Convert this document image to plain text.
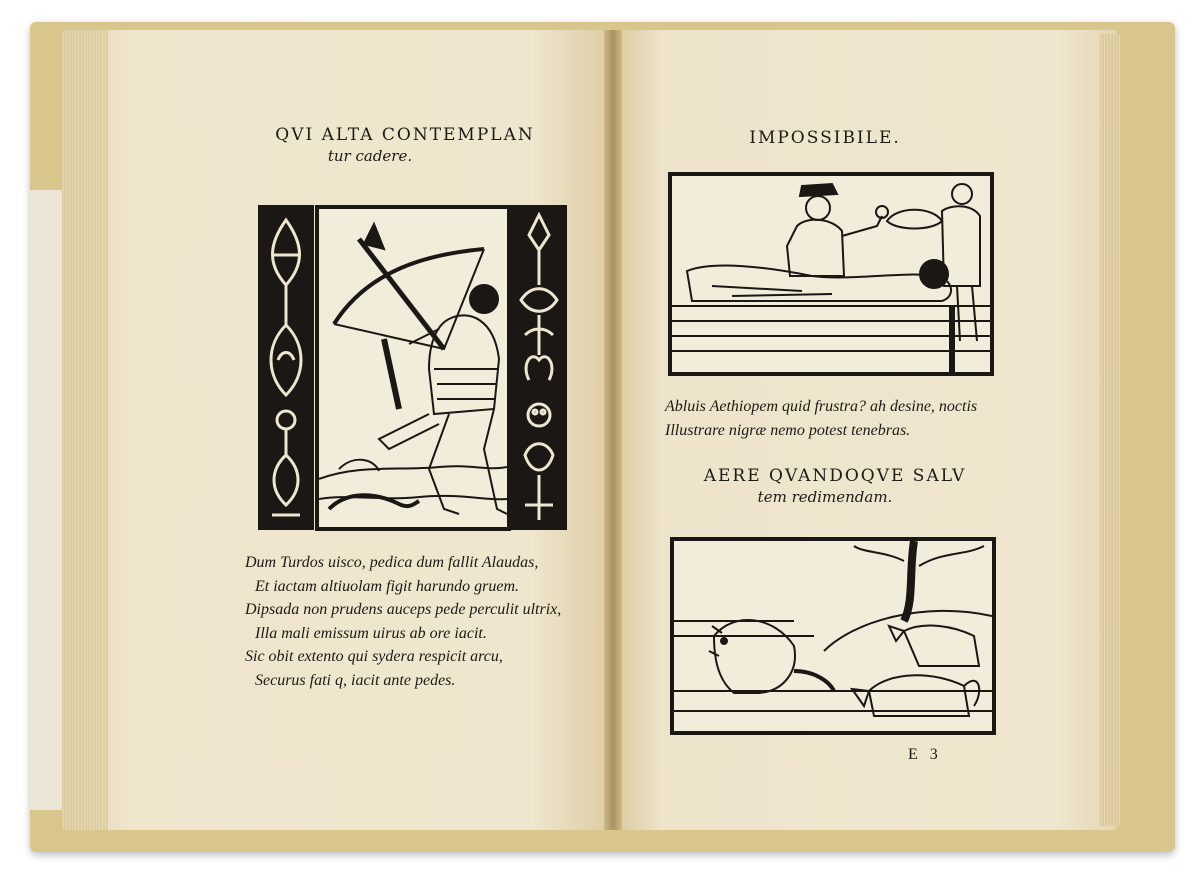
QVI ALTA CONTEMPLAN
tur cadere.
Dum Turdos uisco, pedica dum fallit Alaudas,
Et iactam altiuolam figit harundo gruem.
Dipsada non prudens auceps pede perculit ultrix,
Illa mali emissum uirus ab ore iacit.
Sic obit extento qui sydera respicit arcu,
Securus fati q, iacit ante pedes.
IMPOSSIBILE.
Abluis Aethiopem quid frustra? ah desine, noctis
Illustrare nigræ nemo potest tenebras.
AERE QVANDOQVE SALV
tem redimendam.
E 3
